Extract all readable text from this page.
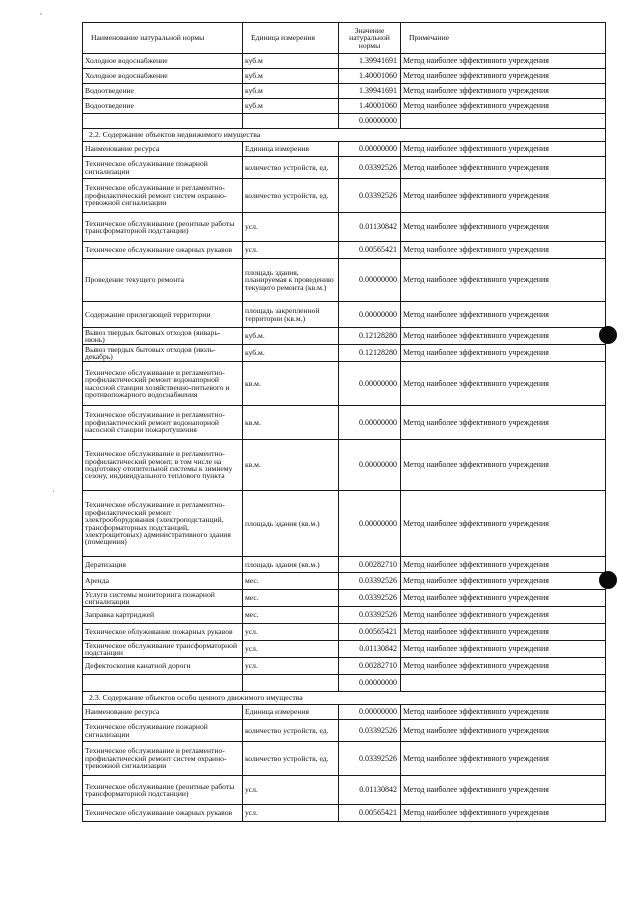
Наименование натуральной нормы	Единица измерения	Значение натуральной нормы	Примечание
Холодное водоснабжение	куб.м	1.39941691	Метод наиболее эффективного учреждения
Холодное водоснабжение	куб.м	1.40001060	Метод наиболее эффективного учреждения
Водоотведение	куб.м	1.39941691	Метод наиболее эффективного учреждения
Водоотведение	куб.м	1.40001060	Метод наиболее эффективного учреждения
		0.00000000	
2.2. Содержание объектов недвижимого имущества			
Наименование ресурса	Единица измерения	0.00000000	Метод наиболее эффективного учреждения
Техническое обслуживание пожарной сигнализации	количество устройств, ед.	0.03392526	Метод наиболее эффективного учреждения
Техническое обслуживание и регламентно-профилактический ремонт систем охранно-тревожной сигнализации	количество устройств, ед.	0.03392526	Метод наиболее эффективного учреждения
Техническое обслуживание (реонтные работы трансформаторной подстанции)	усл.	0.01130842	Метод наиболее эффективного учреждения
Техническое обслуживание ожарных рукавов	усл.	0.00565421	Метод наиболее эффективного учреждения
Проведение текущего ремонта	площадь здания, планируемая к проведению текущего ремонта (кв.м.)	0.00000000	Метод наиболее эффективного учреждения
Содержание прилегающей территории	площадь закрепленной территории (кв.м.)	0.00000000	Метод наиболее эффективного учреждения
Вывоз твердых бытовых отходов (январь-июнь)	куб.м.	0.12128280	Метод наиболее эффективного учреждения
Вывоз твердых бытовых отходов (июль-декабрь)	куб.м.	0.12128280	Метод наиболее эффективного учреждения
Техническое обслуживание и регламентно-профилактический ремонт водонапорной насосной станции хозяйственно-питьевого и противопожарного водоснабжения	кв.м.	0.00000000	Метод наиболее эффективного учреждения
Техническое обслуживание и регламентно-профилактический ремонт водонапорной насосной станции пожаротушения	кв.м.	0.00000000	Метод наиболее эффективного учреждения
Техническое обслуживание и регламентно-профилактический ремонт, в том числе на подготовку отопительной системы к зимнему сезону, индивидуального теплового пункта	кв.м.	0.00000000	Метод наиболее эффективного учреждения
Техническое обслуживание и регламентно-профилактический ремонт электрооборудования (электроподстанций, трансформаторных подстанций, электрощитовых) административного здания (помещения)	площадь здания (кв.м.)	0.00000000	Метод наиболее эффективного учреждения
Дератизация	площадь здания (кв.м.)	0.00282710	Метод наиболее эффективного учреждения
Аренда	мес.	0.03392526	Метод наиболее эффективного учреждения
Услуги системы мониторинга пожарной сигнализации	мес.	0.03392526	Метод наиболее эффективного учреждения
Заправка картриджей	мес.	0.03392526	Метод наиболее эффективного учреждения
Техническое облуживание пожарных рукавов	усл.	0.00565421	Метод наиболее эффективного учреждения
Техническое обслуживание трансформаторной подстанции	усл.	0.01130842	Метод наиболее эффективного учреждения
Дефектоскопия канатной дороги	усл.	0.00282710	Метод наиболее эффективного учреждения
		0.00000000	
2.3. Содержание объектов особо ценного движимого имущества			
Наименование ресурса	Единица измерения	0.00000000	Метод наиболее эффективного учреждения
Техническое обслуживание пожарной сигнализации	количество устройств, ед.	0.03392526	Метод наиболее эффективного учреждения
Техническое обслуживание и регламентно-профилактический ремонт систем охранно-тревожной сигнализации	количество устройств, ед.	0.03392526	Метод наиболее эффективного учреждения
Техническое обслуживание (реонтные работы трансформаторной подстанции)	усл.	0.01130842	Метод наиболее эффективного учреждения
Техническое обслуживание ожарных рукавов	усл.	0.00565421	Метод наиболее эффективного учреждения
,
·
